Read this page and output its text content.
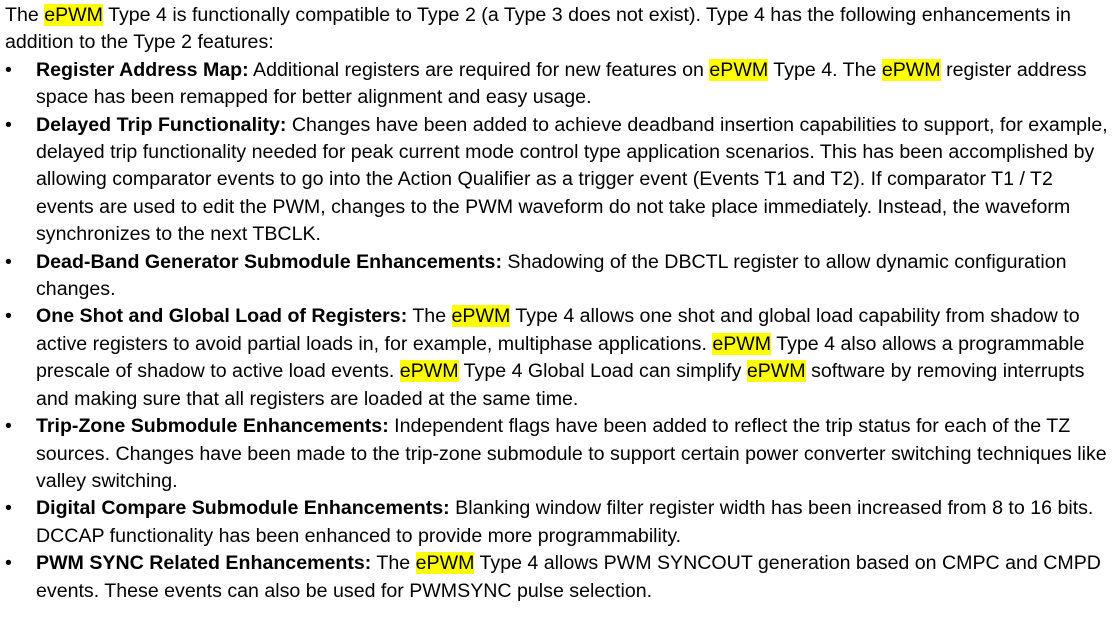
The ePWM Type 4 is functionally compatible to Type 2 (a Type 3 does not exist). Type 4 has the following enhancements in addition to the Type 2 features:

•	Register Address Map: Additional registers are required for new features on ePWM Type 4. The ePWM register address space has been remapped for better alignment and easy usage.
•	Delayed Trip Functionality: Changes have been added to achieve deadband insertion capabilities to support, for example, delayed trip functionality needed for peak current mode control type application scenarios. This has been accomplished by allowing comparator events to go into the Action Qualifier as a trigger event (Events T1 and T2). If comparator T1 / T2 events are used to edit the PWM, changes to the PWM waveform do not take place immediately. Instead, the waveform synchronizes to the next TBCLK.
•	Dead-Band Generator Submodule Enhancements: Shadowing of the DBCTL register to allow dynamic configuration changes.
•	One Shot and Global Load of Registers: The ePWM Type 4 allows one shot and global load capability from shadow to active registers to avoid partial loads in, for example, multiphase applications. ePWM Type 4 also allows a programmable prescale of shadow to active load events. ePWM Type 4 Global Load can simplify ePWM software by removing interrupts and making sure that all registers are loaded at the same time.
•	Trip-Zone Submodule Enhancements: Independent flags have been added to reflect the trip status for each of the TZ sources. Changes have been made to the trip-zone submodule to support certain power converter switching techniques like valley switching.
•	Digital Compare Submodule Enhancements: Blanking window filter register width has been increased from 8 to 16 bits. DCCAP functionality has been enhanced to provide more programmability.
•	PWM SYNC Related Enhancements: The ePWM Type 4 allows PWM SYNCOUT generation based on CMPC and CMPD events. These events can also be used for PWMSYNC pulse selection.
